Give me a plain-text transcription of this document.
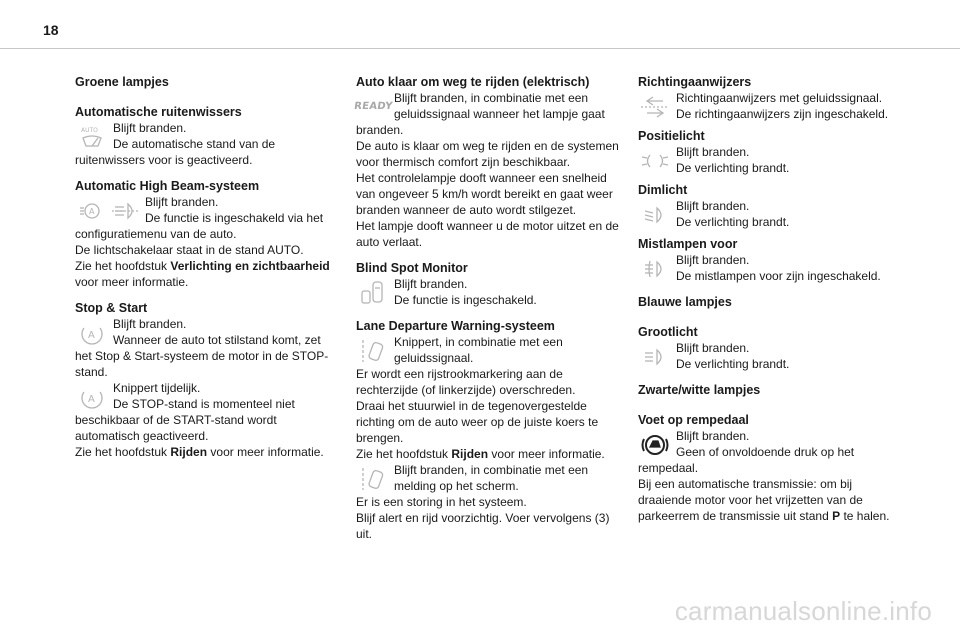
18
Groene lampjes
Automatische ruitenwissers
AUTO	Blijft branden.
De automatische stand van de ruitenwissers voor is geactiveerd.
Automatic High Beam-systeem
A
Blijft branden.
De functie is ingeschakeld via het configuratiemenu van de auto.
De lichtschakelaar staat in de stand AUTO.
Zie het hoofdstuk Verlichting en zichtbaarheid voor meer informatie.
Stop & Start
A
Blijft branden.
Wanneer de auto tot stilstand komt, zet het Stop & Start-systeem de motor in de STOP-stand.
A
Knippert tijdelijk.
De STOP-stand is momenteel niet beschikbaar of de START-stand wordt automatisch geactiveerd.
Zie het hoofdstuk Rijden voor meer informatie.
Auto klaar om weg te rijden (elektrisch)
READY
Blijft branden, in combinatie met een geluidssignaal wanneer het lampje gaat branden.
De auto is klaar om weg te rijden en de systemen voor thermisch comfort zijn beschikbaar.
Het controlelampje dooft wanneer een snelheid van ongeveer 5 km/h wordt bereikt en gaat weer branden wanneer de auto wordt stilgezet.
Het lampje dooft wanneer u de motor uitzet en de auto verlaat.
Blind Spot Monitor
Blijft branden.
De functie is ingeschakeld.
Lane Departure Warning-systeem
Knippert, in combinatie met een geluidssignaal.
Er wordt een rijstrookmarkering aan de rechterzijde (of linkerzijde) overschreden.
Draai het stuurwiel in de tegenovergestelde richting om de auto weer op de juiste koers te brengen.
Zie het hoofdstuk Rijden voor meer informatie.
Blijft branden, in combinatie met een melding op het scherm.
Er is een storing in het systeem.
Blijf alert en rijd voorzichtig. Voer vervolgens (3) uit.
Richtingaanwijzers
Richtingaanwijzers met geluidssignaal.
De richtingaanwijzers zijn ingeschakeld.
Positielicht
Blijft branden.
De verlichting brandt.
Dimlicht
Blijft branden.
De verlichting brandt.
Mistlampen voor
Blijft branden.
De mistlampen voor zijn ingeschakeld.
Blauwe lampjes
Grootlicht
Blijft branden.
De verlichting brandt.
Zwarte/witte lampjes
Voet op rempedaal
Blijft branden.
Geen of onvoldoende druk op het rempedaal.
Bij een automatische transmissie: om bij draaiende motor voor het vrijzetten van de parkeerrem de transmissie uit stand P te halen.
carmanualsonline.info
